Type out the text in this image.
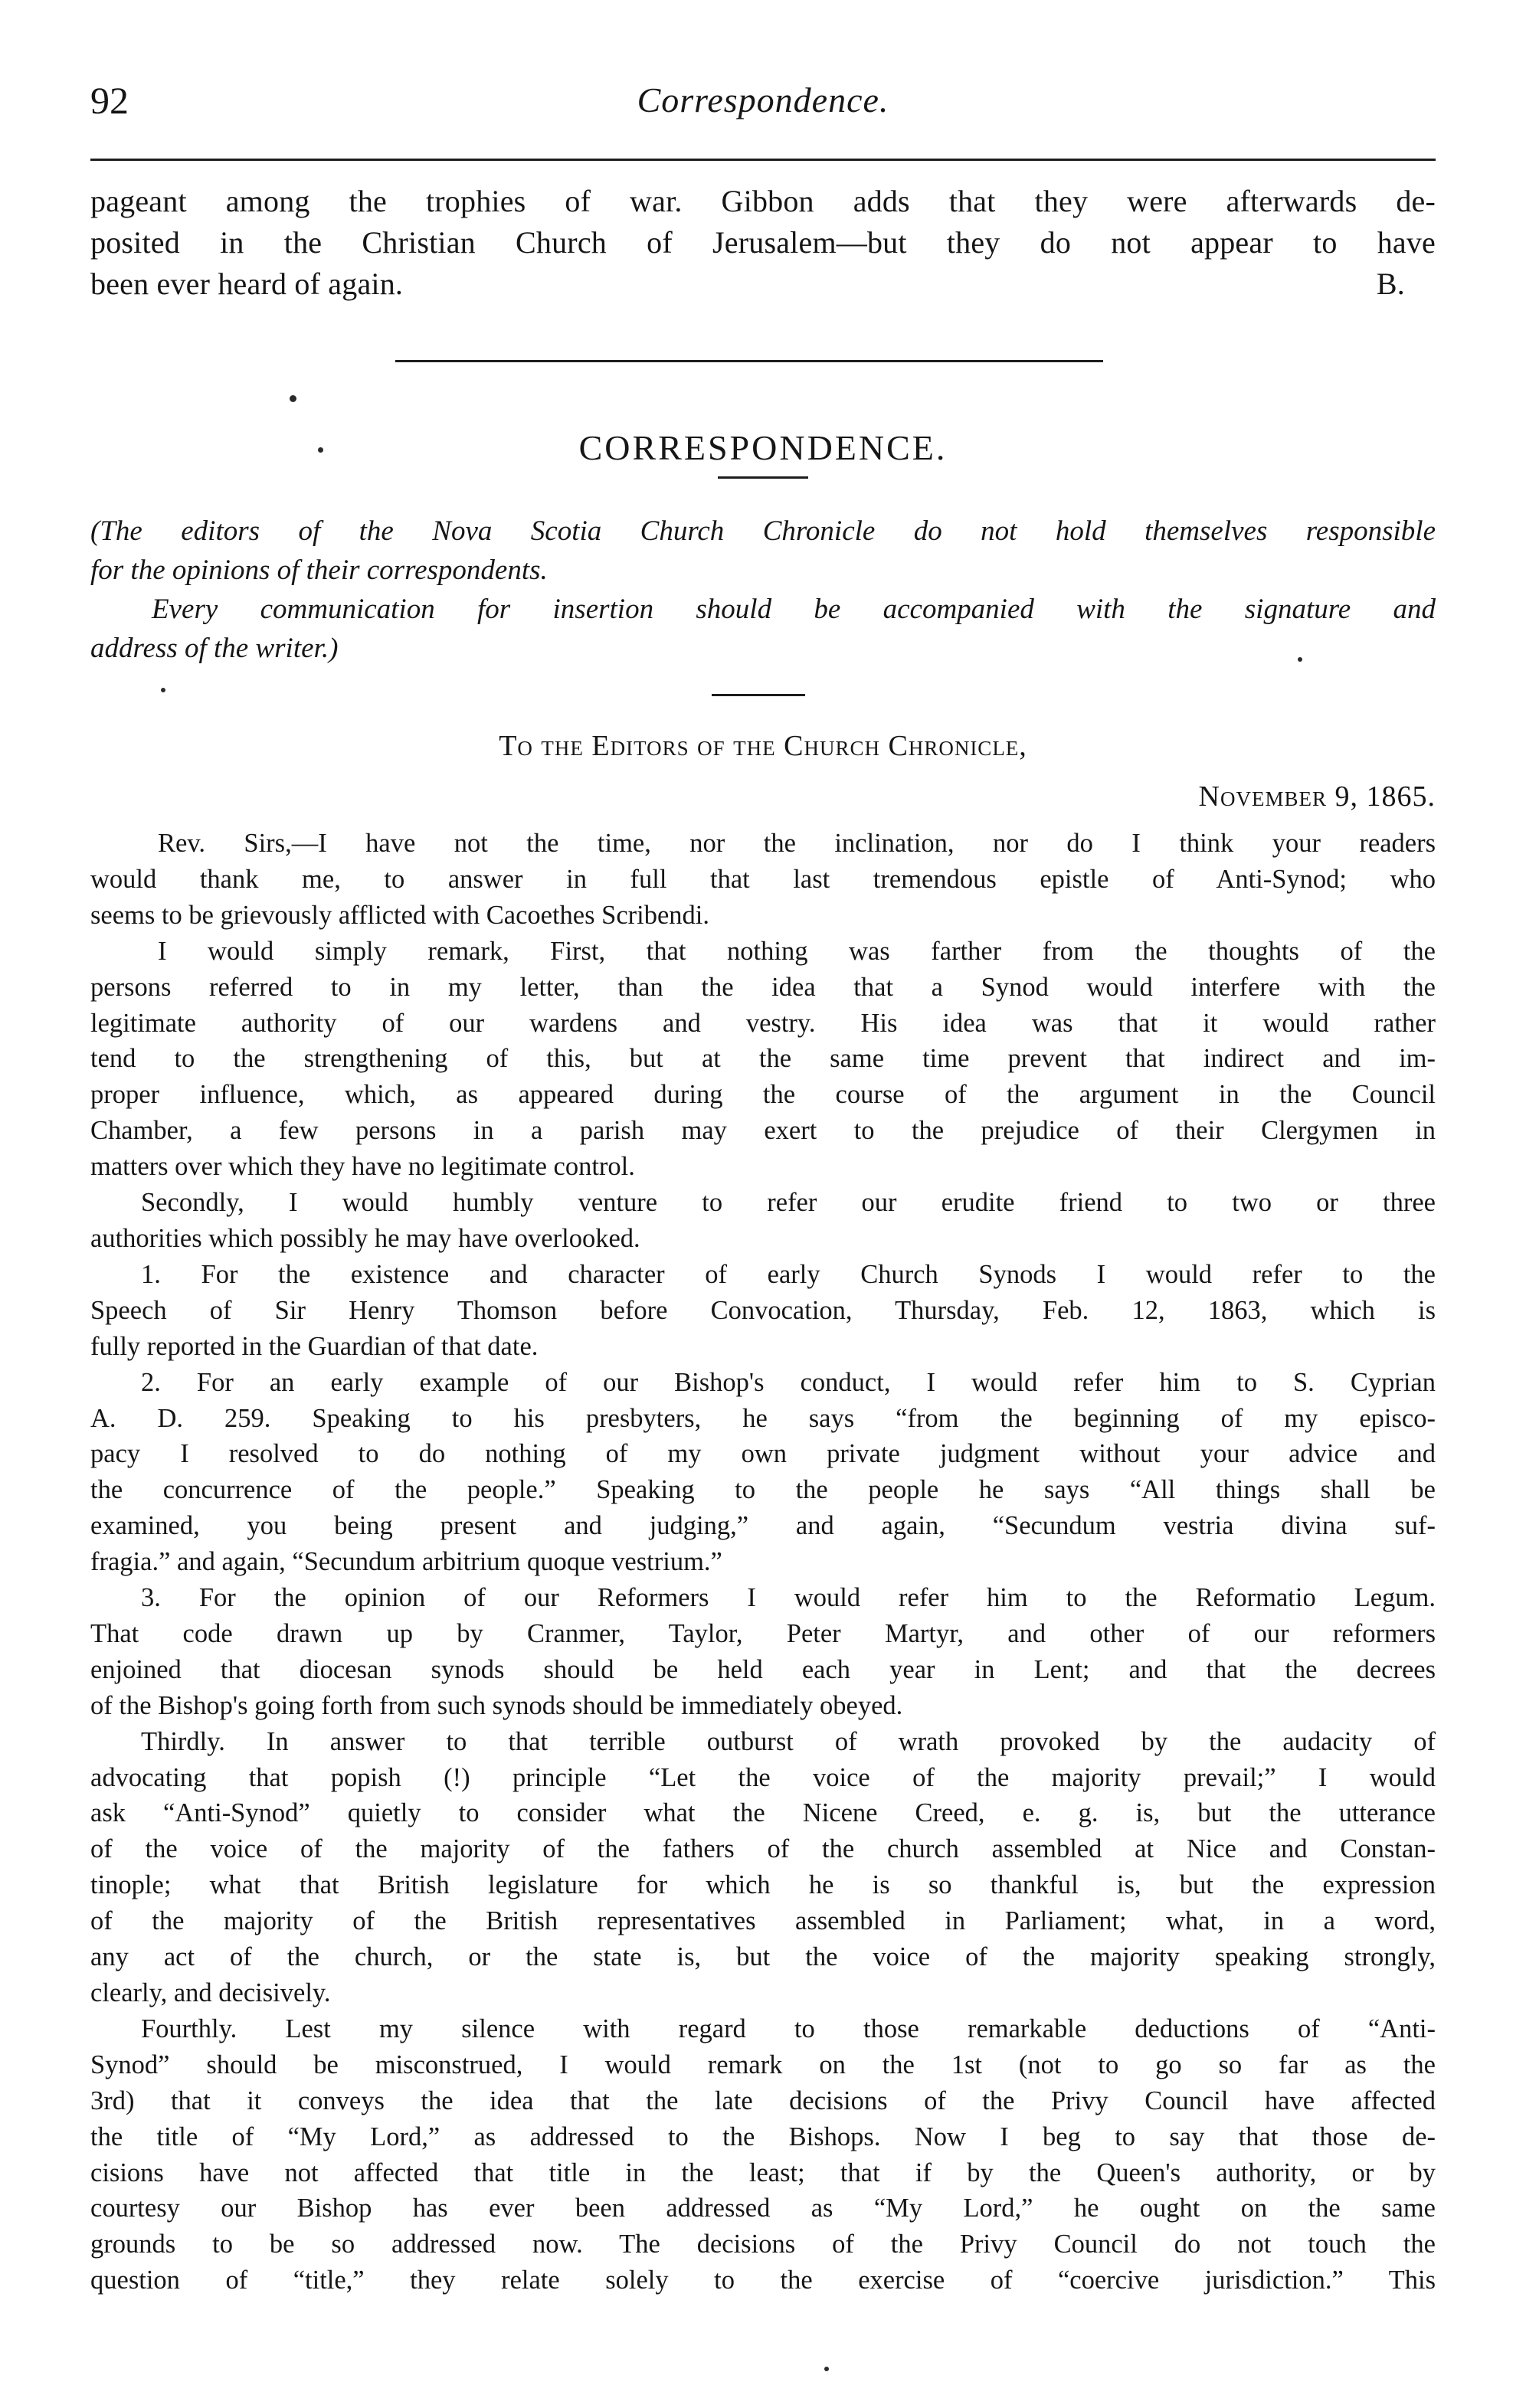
92	Correspondence.

pageant among the trophies of war. Gibbon adds that they were afterwards de-

posited in the Christian Church of Jerusalem—but they do not appear to have

been ever heard of again.	B.

CORRESPONDENCE.

(The editors of the Nova Scotia Church Chronicle do not hold themselves responsible

for the opinions of their correspondents.

Every communication for insertion should be accompanied with the signature and

address of the writer.)

To the Editors of the Church Chronicle,
November 9, 1865.

Rev. Sirs,—I have not the time, nor the inclination, nor do I think your readers

would thank me, to answer in full that last tremendous epistle of Anti-Synod; who

seems to be grievously afflicted with Cacoethes Scribendi.

I would simply remark, First, that nothing was farther from the thoughts of the

persons referred to in my letter, than the idea that a Synod would interfere with the

legitimate authority of our wardens and vestry. His idea was that it would rather

tend to the strengthening of this, but at the same time prevent that indirect and im-

proper influence, which, as appeared during the course of the argument in the Council

Chamber, a few persons in a parish may exert to the prejudice of their Clergymen in

matters over which they have no legitimate control.

Secondly, I would humbly venture to refer our erudite friend to two or three

authorities which possibly he may have overlooked.

1. For the existence and character of early Church Synods I would refer to the

Speech of Sir Henry Thomson before Convocation, Thursday, Feb. 12, 1863, which is

fully reported in the Guardian of that date.

2. For an early example of our Bishop's conduct, I would refer him to S. Cyprian

A. D. 259. Speaking to his presbyters, he says “from the beginning of my episco-

pacy I resolved to do nothing of my own private judgment without your advice and

the concurrence of the people.” Speaking to the people he says “All things shall be

examined, you being present and judging,” and again, “Secundum vestria divina suf-

fragia.” and again, “Secundum arbitrium quoque vestrium.”

3. For the opinion of our Reformers I would refer him to the Reformatio Legum.

That code drawn up by Cranmer, Taylor, Peter Martyr, and other of our reformers

enjoined that diocesan synods should be held each year in Lent; and that the decrees

of the Bishop's going forth from such synods should be immediately obeyed.

Thirdly. In answer to that terrible outburst of wrath provoked by the audacity of

advocating that popish (!) principle “Let the voice of the majority prevail;” I would

ask “Anti-Synod” quietly to consider what the Nicene Creed, e. g. is, but the utterance

of the voice of the majority of the fathers of the church assembled at Nice and Constan-

tinople; what that British legislature for which he is so thankful is, but the expression

of the majority of the British representatives assembled in Parliament; what, in a word,

any act of the church, or the state is, but the voice of the majority speaking strongly,

clearly, and decisively.

Fourthly. Lest my silence with regard to those remarkable deductions of “Anti-

Synod” should be misconstrued, I would remark on the 1st (not to go so far as the

3rd) that it conveys the idea that the late decisions of the Privy Council have affected

the title of “My Lord,” as addressed to the Bishops. Now I beg to say that those de-

cisions have not affected that title in the least; that if by the Queen's authority, or by

courtesy our Bishop has ever been addressed as “My Lord,” he ought on the same

grounds to be so addressed now. The decisions of the Privy Council do not touch the

question of “title,” they relate solely to the exercise of “coercive jurisdiction.” This
